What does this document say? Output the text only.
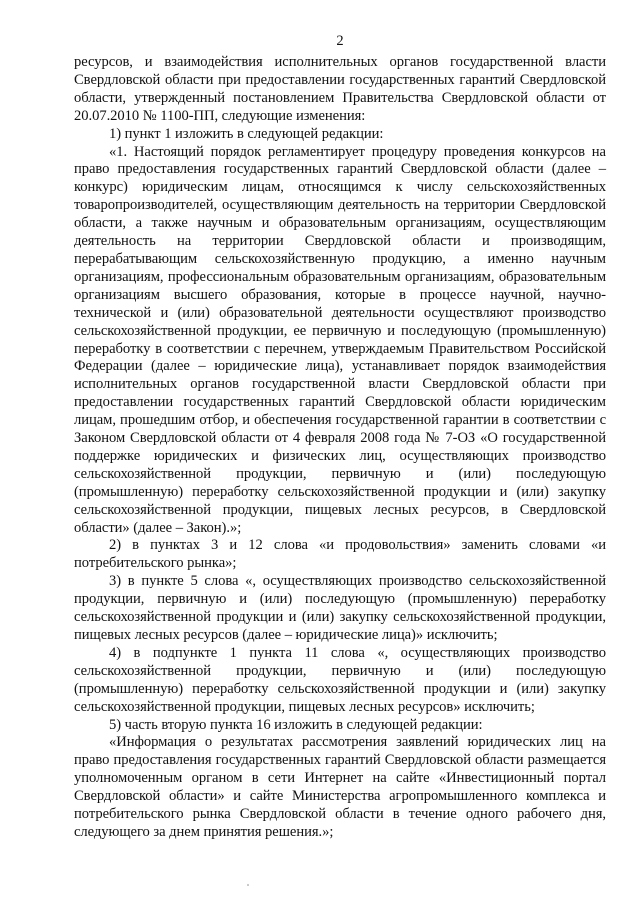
2

ресурсов, и взаимодействия исполнительных органов государственной власти Свердловской области при предоставлении государственных гарантий Свердловской области, утвержденный постановлением Правительства Свердловской области от 20.07.2010 № 1100-ПП, следующие изменения:

1) пункт 1 изложить в следующей редакции:

«1. Настоящий порядок регламентирует процедуру проведения конкурсов на право предоставления государственных гарантий Свердловской области (далее – конкурс) юридическим лицам, относящимся к числу сельскохозяйственных товаропроизводителей, осуществляющим деятельность на территории Свердловской области, а также научным и образовательным организациям, осуществляющим деятельность на территории Свердловской области и производящим, перерабатывающим сельскохозяйственную продукцию, а именно научным организациям, профессиональным образовательным организациям, образовательным организациям высшего образования, которые в процессе научной, научно-технической и (или) образовательной деятельности осуществляют производство сельскохозяйственной продукции, ее первичную и последующую (промышленную) переработку в соответствии с перечнем, утверждаемым Правительством Российской Федерации (далее – юридические лица), устанавливает порядок взаимодействия исполнительных органов государственной власти Свердловской области при предоставлении государственных гарантий Свердловской области юридическим лицам, прошедшим отбор, и обеспечения государственной гарантии в соответствии с Законом Свердловской области от 4 февраля 2008 года № 7-ОЗ «О государственной поддержке юридических и физических лиц, осуществляющих производство сельскохозяйственной продукции, первичную и (или) последующую (промышленную) переработку сельскохозяйственной продукции и (или) закупку сельскохозяйственной продукции, пищевых лесных ресурсов, в Свердловской области» (далее – Закон).»;

2) в пунктах 3 и 12 слова «и продовольствия» заменить словами «и потребительского рынка»;

3) в пункте 5 слова «, осуществляющих производство сельскохозяйственной продукции, первичную и (или) последующую (промышленную) переработку сельскохозяйственной продукции и (или) закупку сельскохозяйственной продукции, пищевых лесных ресурсов (далее – юридические лица)» исключить;

4) в подпункте 1 пункта 11 слова «, осуществляющих производство сельскохозяйственной продукции, первичную и (или) последующую (промышленную) переработку сельскохозяйственной продукции и (или) закупку сельскохозяйственной продукции, пищевых лесных ресурсов» исключить;

5) часть вторую пункта 16 изложить в следующей редакции:

«Информация о результатах рассмотрения заявлений юридических лиц на право предоставления государственных гарантий Свердловской области размещается уполномоченным органом в сети Интернет на сайте «Инвестиционный портал Свердловской области» и сайте Министерства агропромышленного комплекса и потребительского рынка Свердловской области в течение одного рабочего дня, следующего за днем принятия решения.»;
